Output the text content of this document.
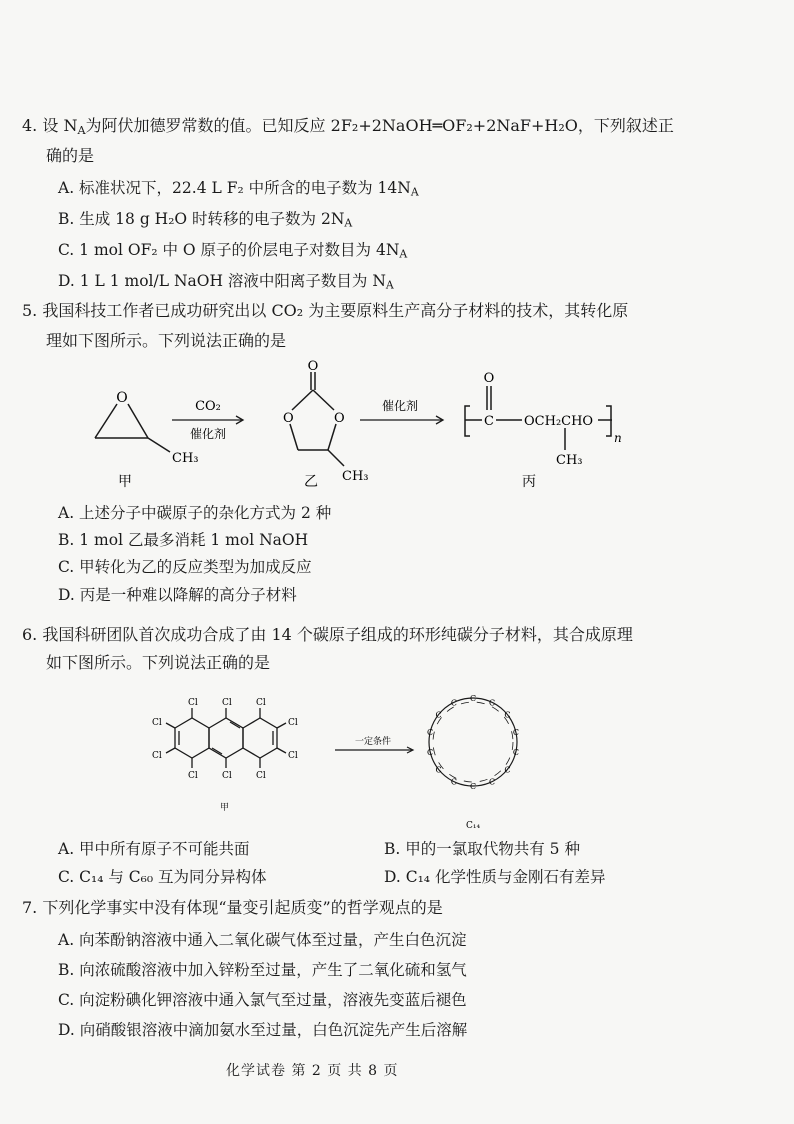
4. 设 $N_A$为阿伏加德罗常数的值。已知反应 2F₂+2NaOH═OF₂+2NaF+H₂O，下列叙述正
确的是
A. 标准状况下，22.4 L F₂ 中所含的电子数为 $14N_A$
B. 生成 18 g H₂O 时转移的电子数为 $2N_A$
C. 1 mol OF₂ 中 O 原子的价层电子对数目为 $4N_A$
D. 1 L 1 mol/L NaOH 溶液中阳离子数目为 $N_A$
5. 我国科技工作者已成功研究出以 CO₂ 为主要原料生产高分子材料的技术，其转化原
理如下图所示。下列说法正确的是
O
CH₃
甲
CO₂
催化剂
O
O	O
CH₃
乙
催化剂
O
C OCH₂CHO
CH₃
n
丙
A. 上述分子中碳原子的杂化方式为 2 种
B. 1 mol 乙最多消耗 1 mol NaOH
C. 甲转化为乙的反应类型为加成反应
D. 丙是一种难以降解的高分子材料
6. 我国科研团队首次成功合成了由 14 个碳原子组成的环形纯碳分子材料，其合成原理
如下图所示。下列说法正确的是
Cl	Cl	Cl
Cl	Cl	Cl
Cl
Cl
Cl
Cl
甲
一定条件
C C
C
C
C
C
C
C
C
C
C
C
C
C
C₁₄
A. 甲中所有原子不可能共面	B. 甲的一氯取代物共有 5 种
C. C₁₄ 与 C₆₀ 互为同分异构体	D. C₁₄ 化学性质与金刚石有差异
7. 下列化学事实中没有体现“量变引起质变”的哲学观点的是
A. 向苯酚钠溶液中通入二氧化碳气体至过量，产生白色沉淀
B. 向浓硫酸溶液中加入锌粉至过量，产生了二氧化硫和氢气
C. 向淀粉碘化钾溶液中通入氯气至过量，溶液先变蓝后褪色
D. 向硝酸银溶液中滴加氨水至过量，白色沉淀先产生后溶解
化学试卷 第 2 页 共 8 页
